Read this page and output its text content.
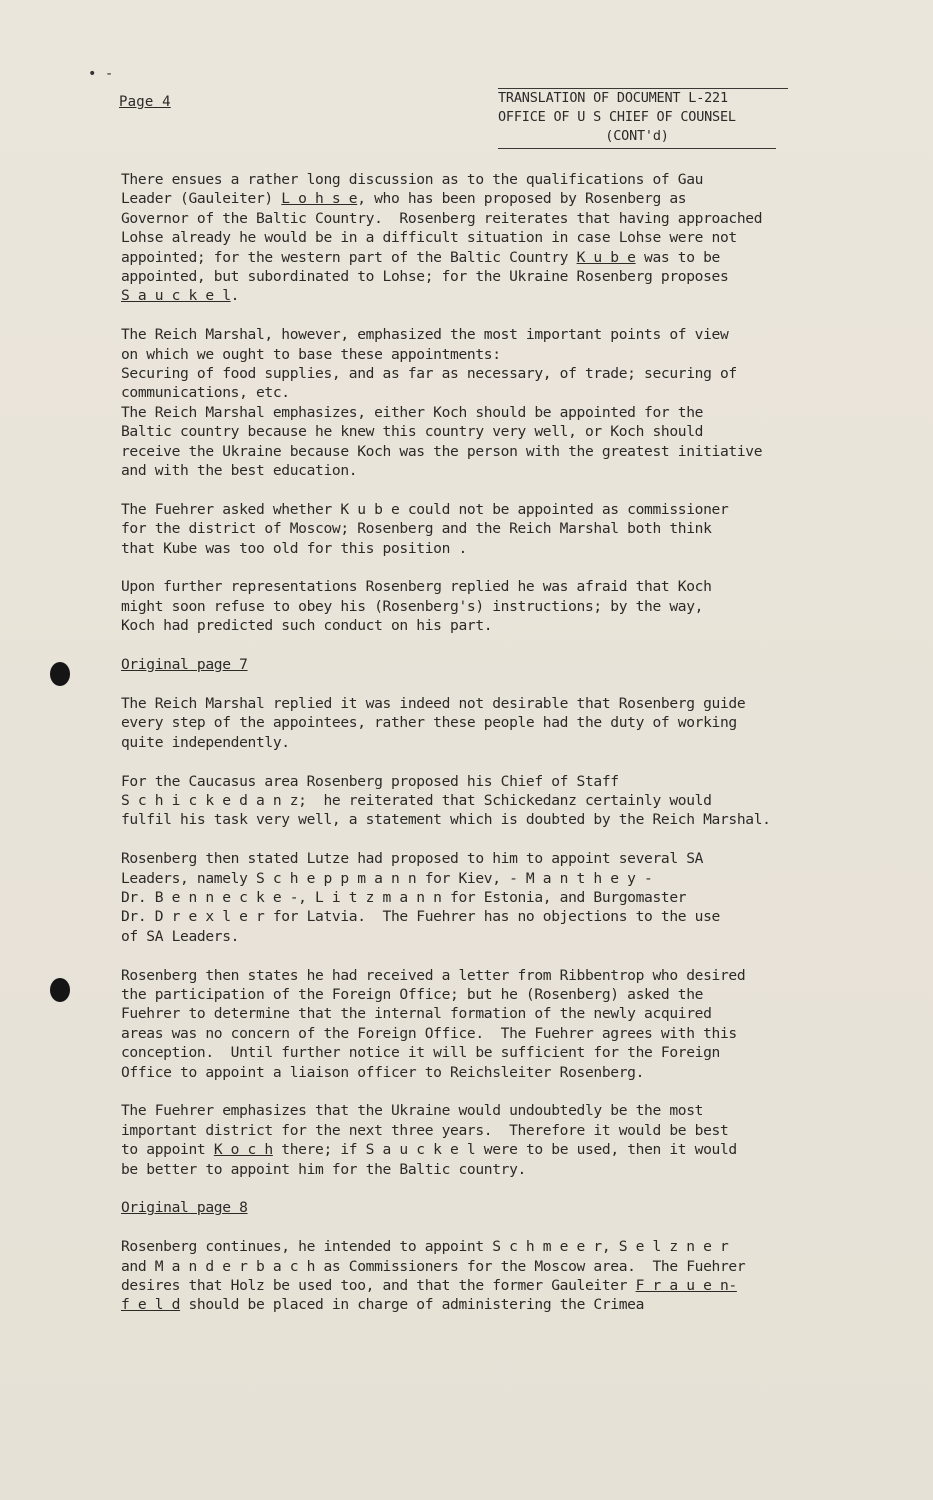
• -
Page 4	TRANSLATION OF DOCUMENT L-221
OFFICE OF U S CHIEF OF COUNSEL
(CONT'd)

There ensues a rather long discussion as to the qualifications of Gau
Leader (Gauleiter) L o h s e, who has been proposed by Rosenberg as
Governor of the Baltic Country.  Rosenberg reiterates that having approached
Lohse already he would be in a difficult situation in case Lohse were not
appointed; for the western part of the Baltic Country K u b e was to be
appointed, but subordinated to Lohse; for the Ukraine Rosenberg proposes
S a u c k e l.

The Reich Marshal, however, emphasized the most important points of view
on which we ought to base these appointments:
Securing of food supplies, and as far as necessary, of trade; securing of
communications, etc.
The Reich Marshal emphasizes, either Koch should be appointed for the
Baltic country because he knew this country very well, or Koch should
receive the Ukraine because Koch was the person with the greatest initiative
and with the best education.

The Fuehrer asked whether K u b e could not be appointed as commissioner
for the district of Moscow; Rosenberg and the Reich Marshal both think
that Kube was too old for this position .

Upon further representations Rosenberg replied he was afraid that Koch
might soon refuse to obey his (Rosenberg's) instructions; by the way,
Koch had predicted such conduct on his part.

Original page 7

The Reich Marshal replied it was indeed not desirable that Rosenberg guide
every step of the appointees, rather these people had the duty of working
quite independently.

For the Caucasus area Rosenberg proposed his Chief of Staff
S c h i c k e d a n z;  he reiterated that Schickedanz certainly would
fulfil his task very well, a statement which is doubted by the Reich Marshal.

Rosenberg then stated Lutze had proposed to him to appoint several SA
Leaders, namely S c h e p p m a n n for Kiev, - M a n t h e y -
Dr. B e n n e c k e -, L i t z m a n n for Estonia, and Burgomaster
Dr. D r e x l e r for Latvia.  The Fuehrer has no objections to the use
of SA Leaders.

Rosenberg then states he had received a letter from Ribbentrop who desired
the participation of the Foreign Office; but he (Rosenberg) asked the
Fuehrer to determine that the internal formation of the newly acquired
areas was no concern of the Foreign Office.  The Fuehrer agrees with this
conception.  Until further notice it will be sufficient for the Foreign
Office to appoint a liaison officer to Reichsleiter Rosenberg.

The Fuehrer emphasizes that the Ukraine would undoubtedly be the most
important district for the next three years.  Therefore it would be best
to appoint K o c h there; if S a u c k e l were to be used, then it would
be better to appoint him for the Baltic country.

Original page 8

Rosenberg continues, he intended to appoint S c h m e e r, S e l z n e r
and M a n d e r b a c h as Commissioners for the Moscow area.  The Fuehrer
desires that Holz be used too, and that the former Gauleiter F r a u e n-
f e l d should be placed in charge of administering the Crimea
